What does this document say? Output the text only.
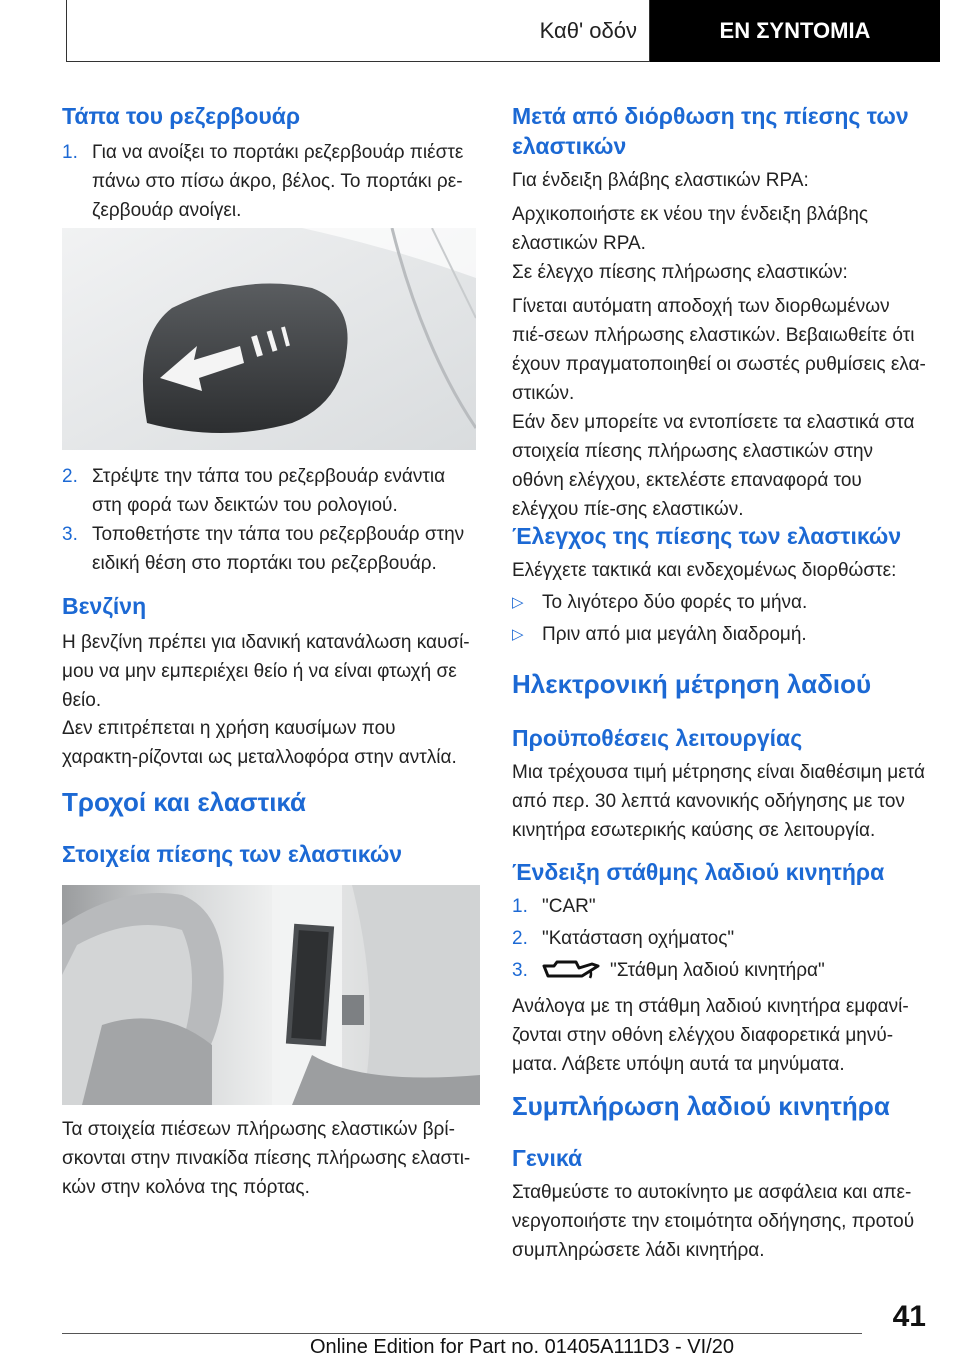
Καθ' οδόν	ΕΝ ΣΥΝΤΟΜΙΑ
Τάπα του ρεζερβουάρ
1. Για να ανοίξει το πορτάκι ρεζερβουάρ πιέστε πάνω στο πίσω άκρο, βέλος. Το πορτάκι ρε‐ζερβουάρ ανοίγει.
2. Στρέψτε την τάπα του ρεζερβουάρ ενάντια στη φορά των δεικτών του ρολογιού.
3. Τοποθετήστε την τάπα του ρεζερβουάρ στην ειδική θέση στο πορτάκι του ρεζερβουάρ.
Βενζίνη

Η βενζίνη πρέπει για ιδανική κατανάλωση καυσί‐μου να μην εμπεριέχει θείο ή να είναι φτωχή σε θείο.

Δεν επιτρέπεται η χρήση καυσίμων που χαρακτη‐ρίζονται ως μεταλλοφόρα στην αντλία.

Τροχοί και ελαστικά
Στοιχεία πίεσης των ελαστικών

Τα στοιχεία πιέσεων πλήρωσης ελαστικών βρί‐σκονται στην πινακίδα πίεσης πλήρωσης ελαστι‐κών στην κολόνα της πόρτας.

Μετά από διόρθωση της πίεσης των ελαστικών

Για ένδειξη βλάβης ελαστικών RPA:

Αρχικοποιήστε εκ νέου την ένδειξη βλάβης ελαστικών RPA.

Σε έλεγχο πίεσης πλήρωσης ελαστικών:

Γίνεται αυτόματη αποδοχή των διορθωμένων πιέ‐σεων πλήρωσης ελαστικών. Βεβαιωθείτε ότι έχουν πραγματοποιηθεί οι σωστές ρυθμίσεις ελα‐στικών.

Εάν δεν μπορείτε να εντοπίσετε τα ελαστικά στα στοιχεία πίεσης πλήρωσης ελαστικών στην οθόνη ελέγχου, εκτελέστε επαναφορά του ελέγχου πίε‐σης ελαστικών.

Έλεγχος της πίεσης των ελαστικών

Ελέγχετε τακτικά και ενδεχομένως διορθώστε:

▷ Το λιγότερο δύο φορές το μήνα.
▷ Πριν από μια μεγάλη διαδρομή.
Ηλεκτρονική μέτρηση λαδιού
Προϋποθέσεις λειτουργίας

Μια τρέχουσα τιμή μέτρησης είναι διαθέσιμη μετά από περ. 30 λεπτά κανονικής οδήγησης με τον κινητήρα εσωτερικής καύσης σε λειτουργία.

Ένδειξη στάθμης λαδιού κινητήρα
1. "CAR"
2. "Κατάσταση οχήματος"
3.	"Στάθμη λαδιού κινητήρα"

Ανάλογα με τη στάθμη λαδιού κινητήρα εμφανί‐ζονται στην οθόνη ελέγχου διαφορετικά μηνύ‐ματα. Λάβετε υπόψη αυτά τα μηνύματα.

Συμπλήρωση λαδιού κινητήρα
Γενικά

Σταθμεύστε το αυτοκίνητο με ασφάλεια και απε‐νεργοποιήστε την ετοιμότητα οδήγησης, προτού συμπληρώσετε λάδι κινητήρα.

41
Online Edition for Part no. 01405A111D3 - VI/20
